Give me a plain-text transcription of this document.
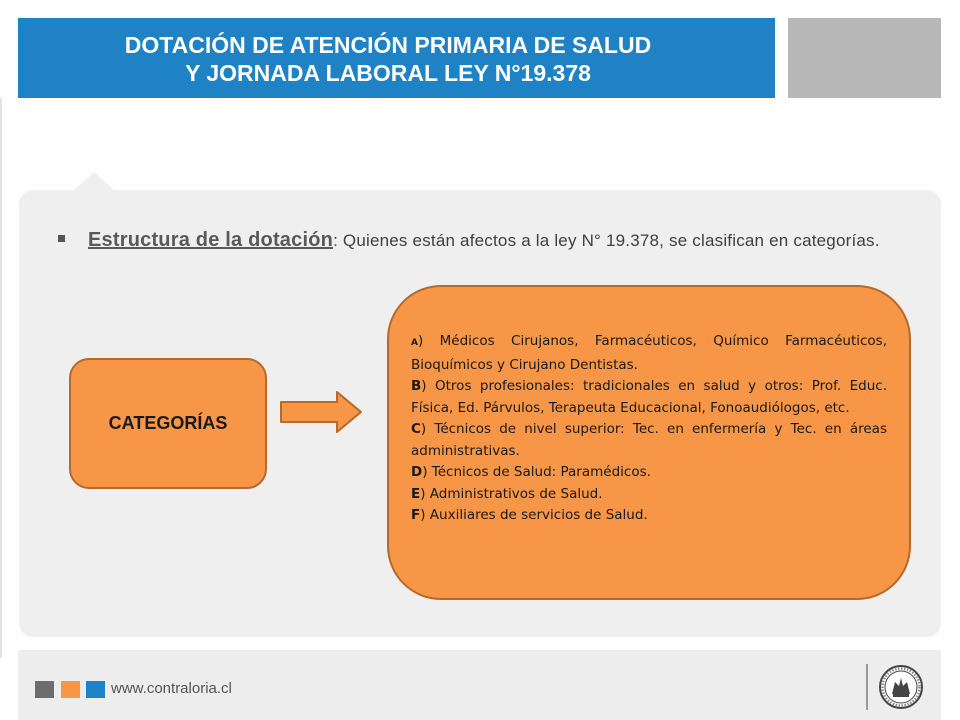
DOTACIÓN DE ATENCIÓN PRIMARIA DE SALUD
Y JORNADA LABORAL LEY N°19.378
Estructura de la dotación: Quienes están afectos a la ley N° 19.378, se clasifican en categorías.
CATEGORÍAS

A) Médicos Cirujanos, Farmacéuticos, Químico Farmacéuticos, Bioquímicos y Cirujano Dentistas.

B) Otros profesionales: tradicionales en salud y otros: Prof. Educ. Física, Ed. Párvulos, Terapeuta Educacional, Fonoaudiólogos, etc.

C) Técnicos de nivel superior: Tec. en enfermería y Tec. en áreas administrativas.

D) Técnicos de Salud: Paramédicos.

E) Administrativos de Salud.

F) Auxiliares de servicios de Salud.

www.contraloria.cl
